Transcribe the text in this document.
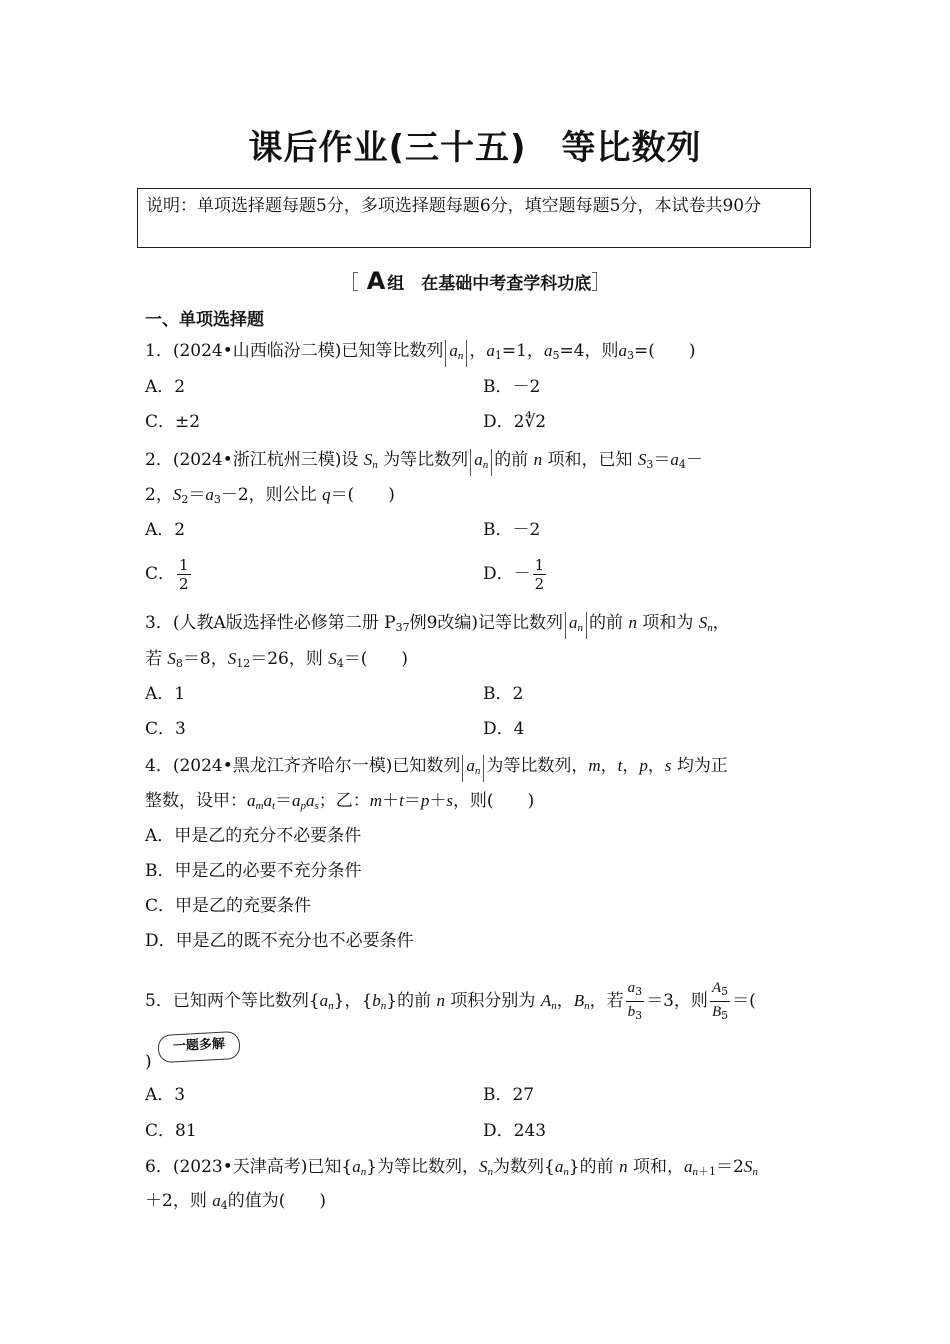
课后作业(三十五)　等比数列
说明：单项选择题每题5分，多项选择题每题6分，填空题每题5分，本试卷共90分
［ A 组　在基础中考查学科功底］
一、单项选择题
1．(2024•山西临汾二模)已知等比数列 $a_n$ ，$a_1=1$，$a_5=4$，则$a_3=$(　　)
A．2	B．－2
C．±2	D．2∜2
2．(2024•浙江杭州三模)设 $S_n$ 为等比数列 $a_n$ 的前 n 项和，已知 $S_3=a_4-$
2，$S_2=a_3-2$，则公比 q＝(　　)
A．2	B．－2
C． $\frac{1}{2}$	D．－ $\frac{1}{2}$
3．(人教A版选择性必修第二册 $P_{37}$例9改编)记等比数列 $a_n$ 的前 n 项和为 $S_n$，
若 $S_8=8$，$S_{12}=26$，则 $S_4=$(　　)
A．1	B．2
C．3	D．4
4．(2024•黑龙江齐齐哈尔一模)已知数列 $a_n$ 为等比数列，m，t，p，s 均为正
整数，设甲：$a_ma_t=a_pa_s$；乙：m＋t＝p＋s，则(　　)
A．甲是乙的充分不必要条件
B．甲是乙的必要不充分条件
C．甲是乙的充要条件
D．甲是乙的既不充分也不必要条件
5．已知两个等比数列$\{a_n\}$，$\{b_n\}$的前 n 项积分别为 $A_n$，$B_n$，若 $\frac{a_3}{b_3} =3$，则 $\frac{A_5}{B_5}$ ＝(
一题多解
)
A．3	B．27
C．81	D．243
6．(2023•天津高考)已知$\{a_n\}$为等比数列，$S_n$为数列$\{a_n\}$的前 n 项和，$a_{n+1}=2S_n$
＋2，则 $a_4$的值为(　　)
